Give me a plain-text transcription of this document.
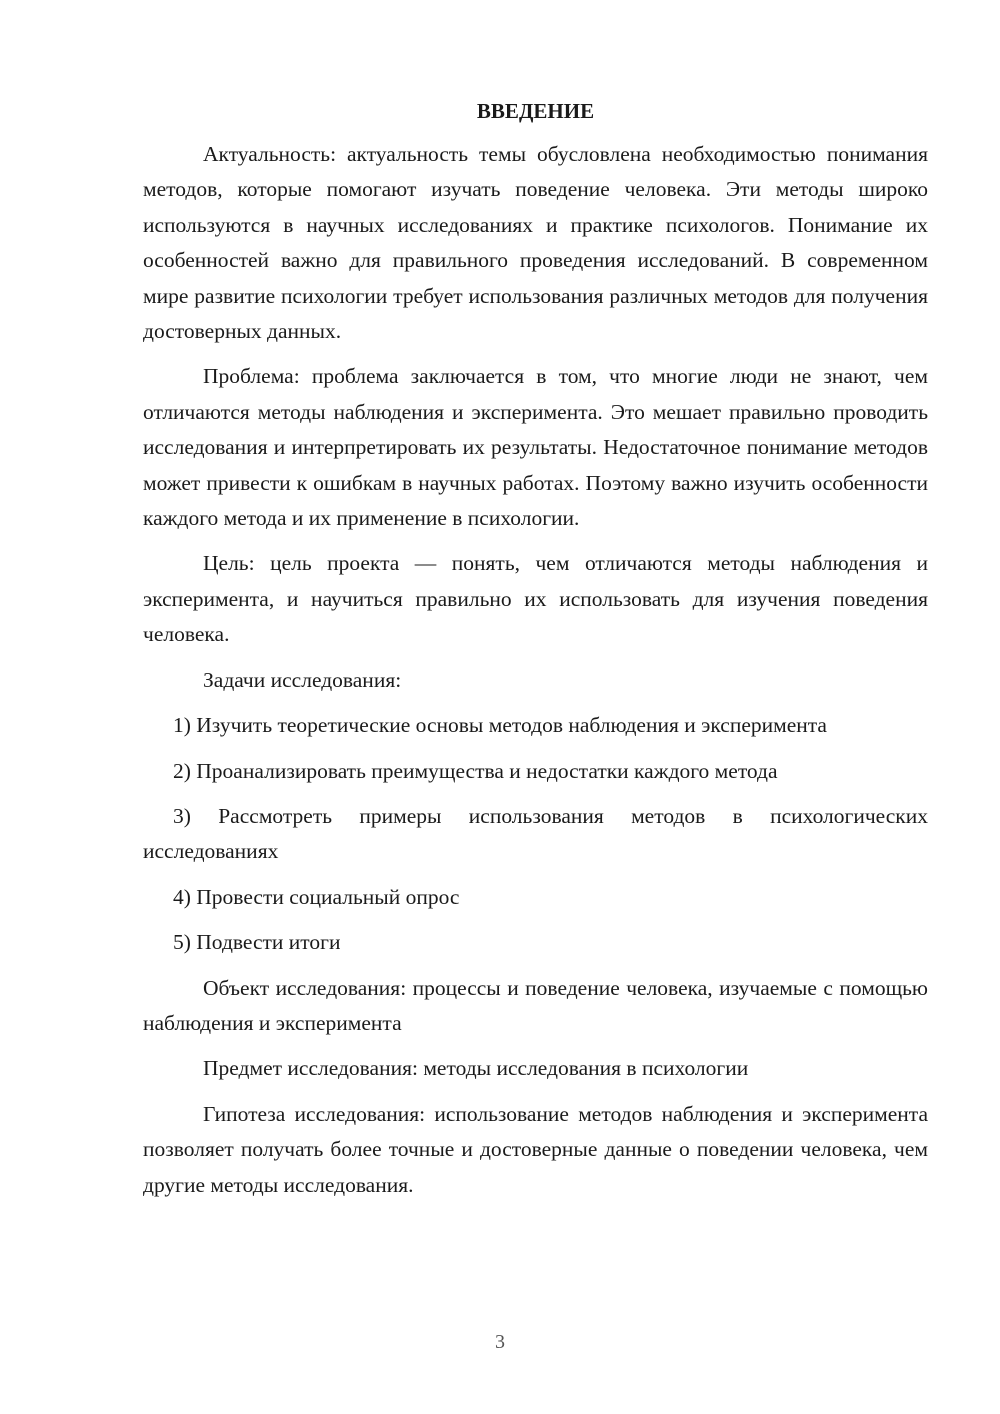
ВВЕДЕНИЕ

Актуальность: актуальность темы обусловлена необходимостью понимания методов, которые помогают изучать поведение человека. Эти методы широко используются в научных исследованиях и практике психологов. Понимание их особенностей важно для правильного проведения исследований. В современном мире развитие психологии требует использования различных методов для получения достоверных данных.

Проблема: проблема заключается в том, что многие люди не знают, чем отличаются методы наблюдения и эксперимента. Это мешает правильно проводить исследования и интерпретировать их результаты. Недостаточное понимание методов может привести к ошибкам в научных работах. Поэтому важно изучить особенности каждого метода и их применение в психологии.

Цель: цель проекта — понять, чем отличаются методы наблюдения и эксперимента, и научиться правильно их использовать для изучения поведения человека.

Задачи исследования:

1) Изучить теоретические основы методов наблюдения и эксперимента

2) Проанализировать преимущества и недостатки каждого метода

3) Рассмотреть примеры использования методов в психологических исследованиях

4) Провести социальный опрос

5) Подвести итоги

Объект исследования: процессы и поведение человека, изучаемые с помощью наблюдения и эксперимента

Предмет исследования: методы исследования в психологии

Гипотеза исследования: использование методов наблюдения и эксперимента позволяет получать более точные и достоверные данные о поведении человека, чем другие методы исследования.

3
